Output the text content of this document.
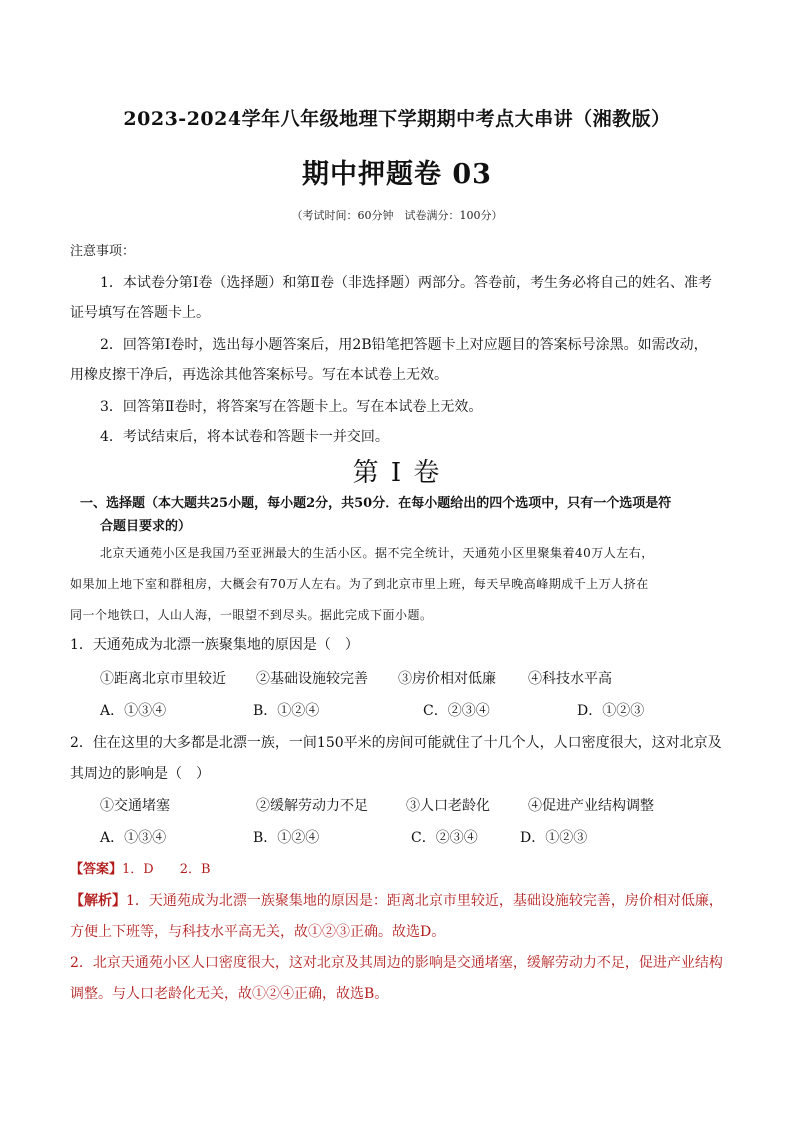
2023-2024学年八年级地理下学期期中考点大串讲（湘教版）
期中押题卷 03
（考试时间：60分钟　试卷满分：100分）
注意事项：
1．本试卷分第Ⅰ卷（选择题）和第Ⅱ卷（非选择题）两部分。答卷前，考生务必将自己的姓名、准考
证号填写在答题卡上。
2．回答第Ⅰ卷时，选出每小题答案后，用2B铅笔把答题卡上对应题目的答案标号涂黑。如需改动，
用橡皮擦干净后，再选涂其他答案标号。写在本试卷上无效。
3．回答第Ⅱ卷时，将答案写在答题卡上。写在本试卷上无效。
4．考试结束后，将本试卷和答题卡一并交回。
第 I 卷
一、选择题（本大题共25小题，每小题2分，共50分．在每小题给出的四个选项中，只有一个选项是符
合题目要求的）
北京天通苑小区是我国乃至亚洲最大的生活小区。据不完全统计，天通苑小区里聚集着40万人左右，
如果加上地下室和群租房，大概会有70万人左右。为了到北京市里上班，每天早晚高峰期成千上万人挤在
同一个地铁口，人山人海，一眼望不到尽头。据此完成下面小题。
1．天通苑成为北漂一族聚集地的原因是（　）
①距离北京市里较近 ②基础设施较完善 ③房价相对低廉 ④科技水平高
A．①③④	B．①②④	C．②③④	D．①②③
2．住在这里的大多都是北漂一族，一间150平米的房间可能就住了十几个人，人口密度很大，这对北京及
其周边的影响是（　）
①交通堵塞	②缓解劳动力不足	③人口老龄化	④促进产业结构调整
A．①③④	B．①②④	C．②③④	D．①②③
【答案】1．D　　2．B
【解析】1．天通苑成为北漂一族聚集地的原因是：距离北京市里较近，基础设施较完善，房价相对低廉，
方便上下班等，与科技水平高无关，故①②③正确。故选D。
2．北京天通苑小区人口密度很大，这对北京及其周边的影响是交通堵塞，缓解劳动力不足，促进产业结构
调整。与人口老龄化无关，故①②④正确，故选B。
